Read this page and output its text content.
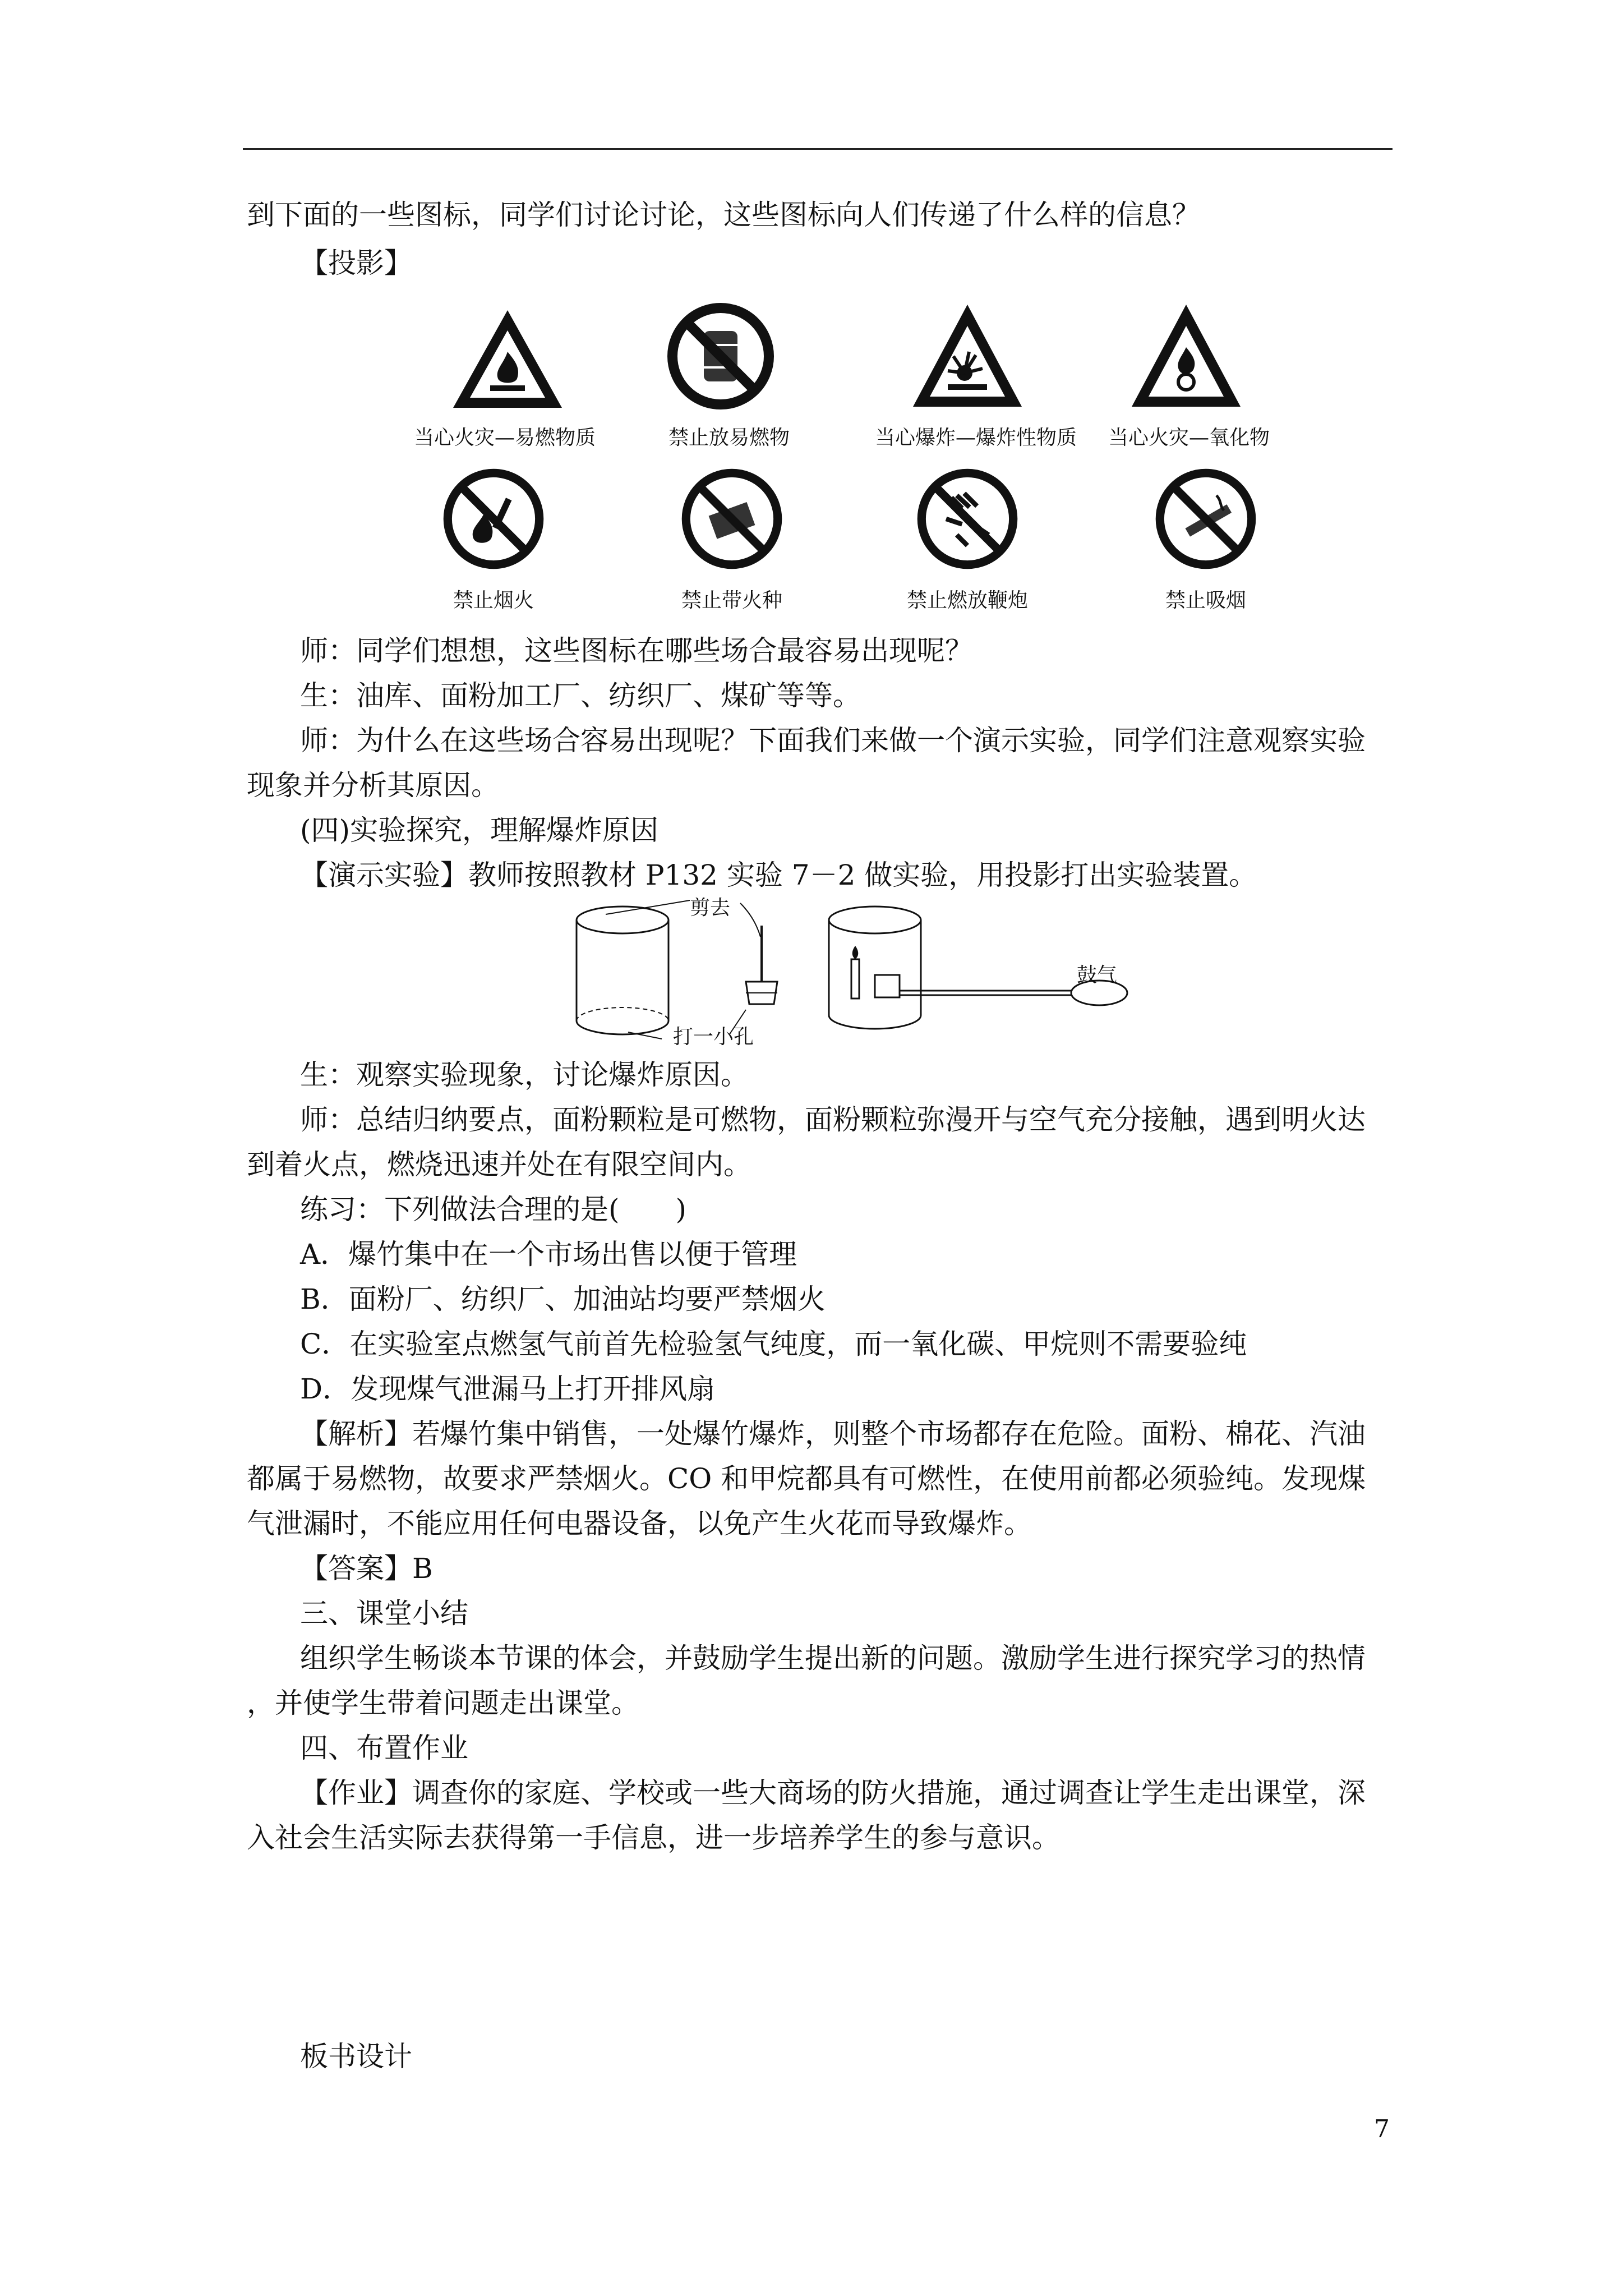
到下面的一些图标，同学们讨论讨论，这些图标向人们传递了什么样的信息？
【投影】
当心火灾—易燃物质	禁止放易燃物	当心爆炸—爆炸性物质	当心火灾—氧化物
禁止烟火	禁止带火种	禁止燃放鞭炮	禁止吸烟
师：同学们想想，这些图标在哪些场合最容易出现呢？
生：油库、面粉加工厂、纺织厂、煤矿等等。
师：为什么在这些场合容易出现呢？下面我们来做一个演示实验，同学们注意观察实验
现象并分析其原因。
(四)实验探究，理解爆炸原因
【演示实验】教师按照教材 P132 实验 7－2 做实验，用投影打出实验装置。
剪去
打一小孔
鼓气
生：观察实验现象，讨论爆炸原因。
师：总结归纳要点，面粉颗粒是可燃物，面粉颗粒弥漫开与空气充分接触，遇到明火达
到着火点，燃烧迅速并处在有限空间内。
练习：下列做法合理的是(　　)
A．爆竹集中在一个市场出售以便于管理
B．面粉厂、纺织厂、加油站均要严禁烟火
C．在实验室点燃氢气前首先检验氢气纯度，而一氧化碳、甲烷则不需要验纯
D．发现煤气泄漏马上打开排风扇
【解析】若爆竹集中销售，一处爆竹爆炸，则整个市场都存在危险。面粉、棉花、汽油
都属于易燃物，故要求严禁烟火。CO 和甲烷都具有可燃性，在使用前都必须验纯。发现煤
气泄漏时，不能应用任何电器设备，以免产生火花而导致爆炸。
【答案】B
三、课堂小结
组织学生畅谈本节课的体会，并鼓励学生提出新的问题。激励学生进行探究学习的热情
，并使学生带着问题走出课堂。
四、布置作业
【作业】调查你的家庭、学校或一些大商场的防火措施，通过调查让学生走出课堂，深
入社会生活实际去获得第一手信息，进一步培养学生的参与意识。
板书设计
7
